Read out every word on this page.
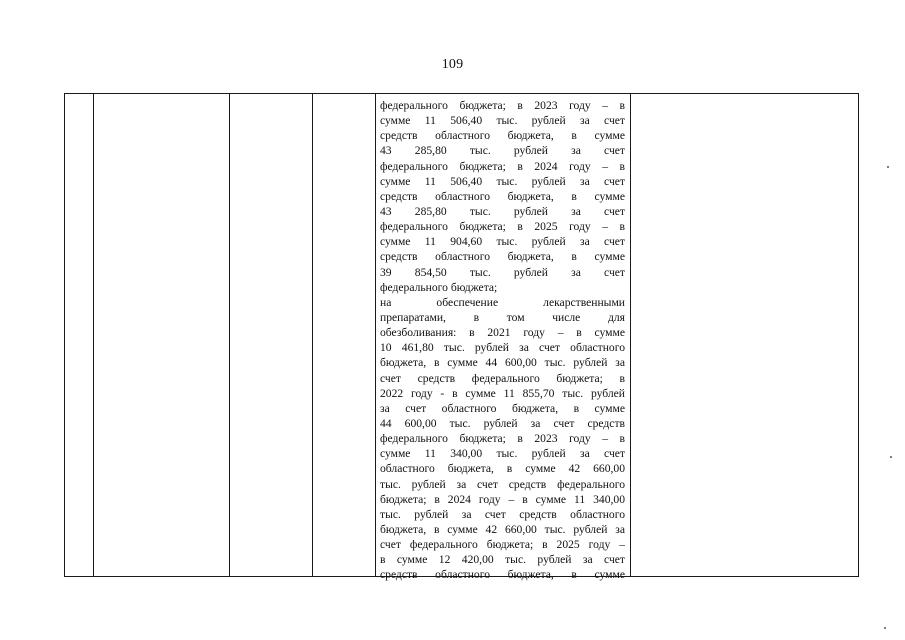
109
федерального бюджета; в 2023 году – в
сумме 11 506,40 тыс. рублей за счет
средств областного бюджета, в сумме
43 285,80 тыс. рублей за счет
федерального бюджета; в 2024 году – в
сумме 11 506,40 тыс. рублей за счет
средств областного бюджета, в сумме
43 285,80 тыс. рублей за счет
федерального бюджета; в 2025 году – в
сумме 11 904,60 тыс. рублей за счет
средств областного бюджета, в сумме
39 854,50 тыс. рублей за счет
федерального бюджета;
на обеспечение лекарственными
препаратами, в том числе для
обезболивания: в 2021 году – в сумме
10 461,80 тыс. рублей за счет областного
бюджета, в сумме 44 600,00 тыс. рублей за
счет средств федерального бюджета; в
2022 году - в сумме 11 855,70 тыс. рублей
за счет областного бюджета, в сумме
44 600,00 тыс. рублей за счет средств
федерального бюджета; в 2023 году – в
сумме 11 340,00 тыс. рублей за счет
областного бюджета, в сумме 42 660,00
тыс. рублей за счет средств федерального
бюджета; в 2024 году – в сумме 11 340,00
тыс. рублей за счет средств областного
бюджета, в сумме 42 660,00 тыс. рублей за
счет федерального бюджета; в 2025 году –
в сумме 12 420,00 тыс. рублей за счет
средств областного бюджета, в сумме
